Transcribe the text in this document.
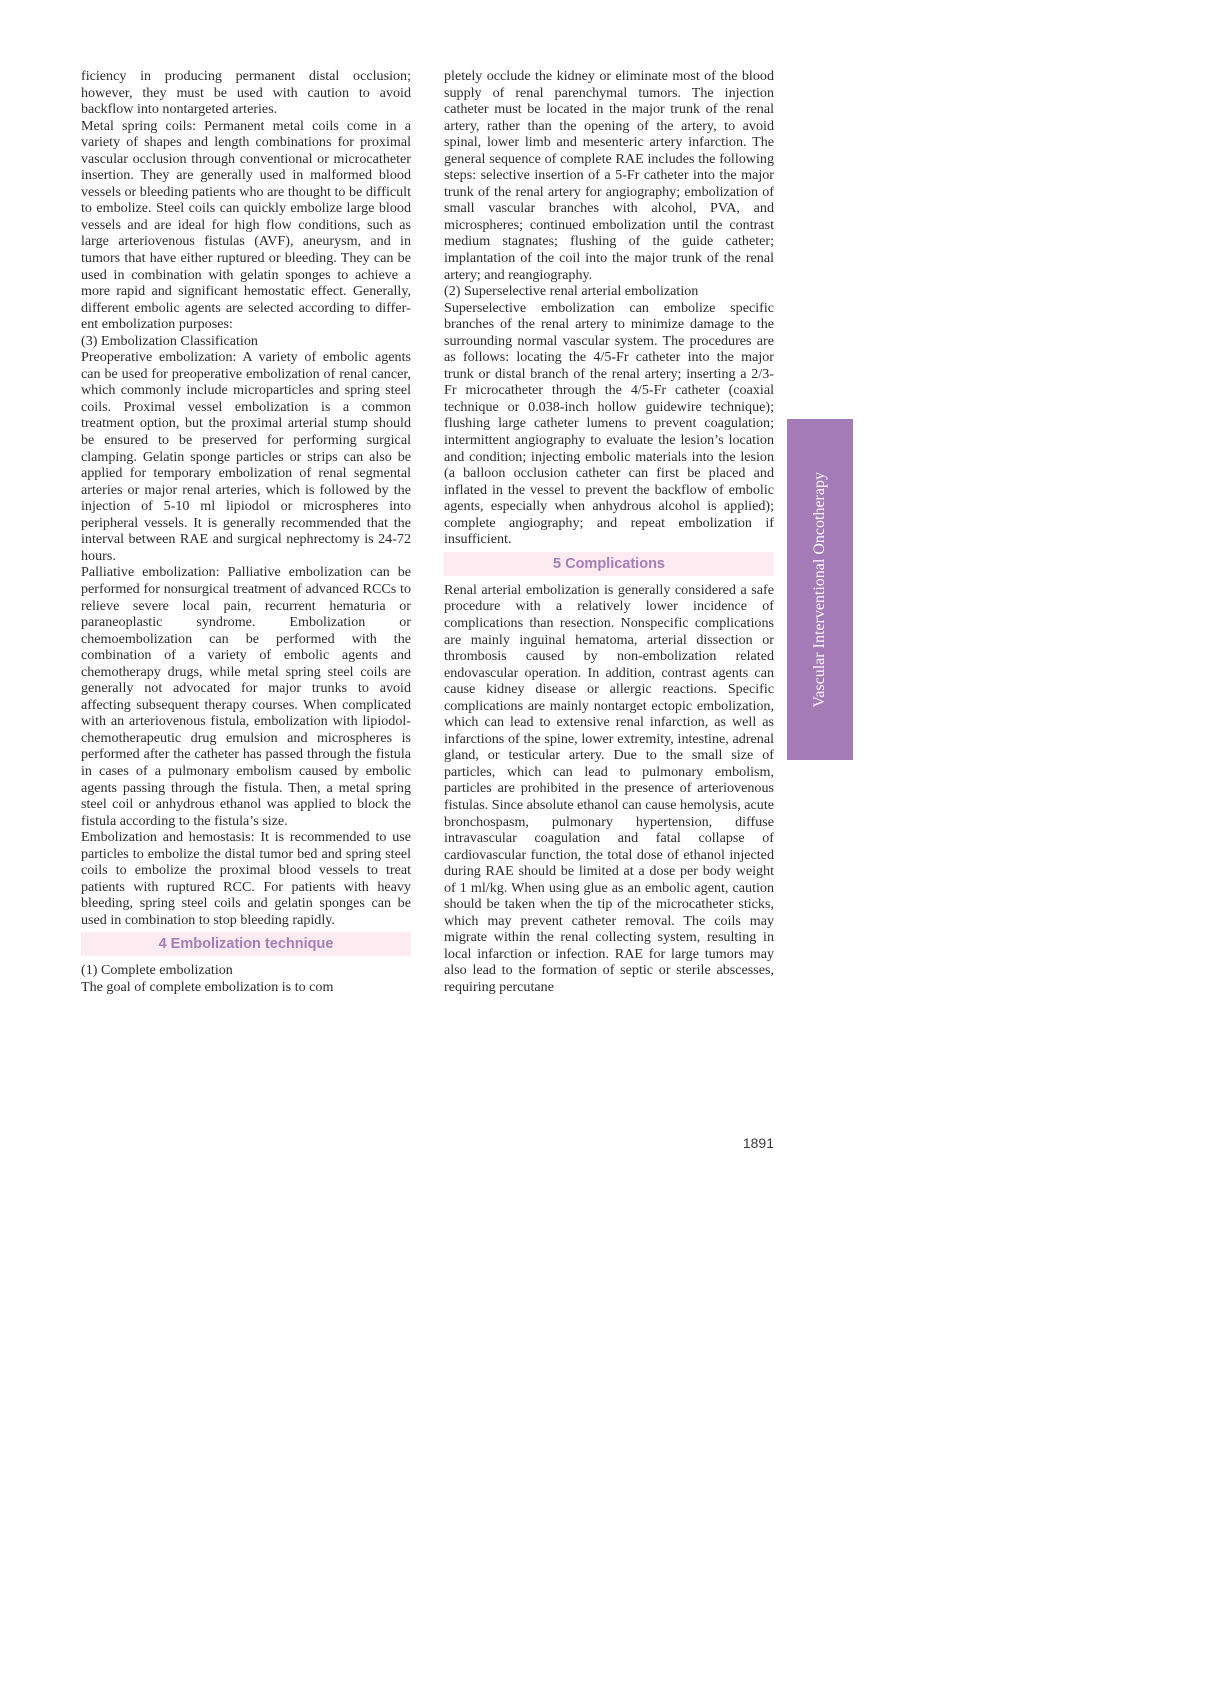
ficiency in producing permanent distal occlusion; however, they must be used with caution to avoid backflow into nontargeted arteries.

Metal spring coils: Permanent metal coils come in a variety of shapes and length combinations for proximal vascular occlusion through conventional or microcatheter insertion. They are generally used in malformed blood vessels or bleeding patients who are thought to be difficult to embolize. Steel coils can quickly embolize large blood vessels and are ideal for high flow conditions, such as large arteriovenous fistulas (AVF), aneurysm, and in tumors that have either ruptured or bleeding. They can be used in combination with gelatin sponges to achieve a more rapid and significant hemostatic effect. Generally, different embolic agents are selected according to different embolization purposes:

(3) Embolization Classification

Preoperative embolization: A variety of embolic agents can be used for preoperative embolization of renal cancer, which commonly include microparticles and spring steel coils. Proximal vessel embolization is a common treatment option, but the proximal arterial stump should be ensured to be preserved for performing surgical clamping. Gelatin sponge particles or strips can also be applied for temporary embolization of renal segmental arteries or major renal arteries, which is followed by the injection of 5-10 ml lipiodol or microspheres into peripheral vessels. It is generally recommended that the interval between RAE and surgical nephrectomy is 24-72 hours.

Palliative embolization: Palliative embolization can be performed for nonsurgical treatment of advanced RCCs to relieve severe local pain, recurrent hematuria or paraneoplastic syndrome. Embolization or chemoembolization can be performed with the combination of a variety of embolic agents and chemotherapy drugs, while metal spring steel coils are generally not advocated for major trunks to avoid affecting subsequent therapy courses. When complicated with an arteriovenous fistula, embolization with lipiodol-chemotherapeutic drug emulsion and microspheres is performed after the catheter has passed through the fistula in cases of a pulmonary embolism caused by embolic agents passing through the fistula. Then, a metal spring steel coil or anhydrous ethanol was applied to block the fistula according to the fistula’s size.

Embolization and hemostasis: It is recommended to use particles to embolize the distal tumor bed and spring steel coils to embolize the proximal blood vessels to treat patients with ruptured RCC. For patients with heavy bleeding, spring steel coils and gelatin sponges can be used in combination to stop bleeding rapidly.

4 Embolization technique

(1) Complete embolization

The goal of complete embolization is to com

pletely occlude the kidney or eliminate most of the blood supply of renal parenchymal tumors. The injection catheter must be located in the major trunk of the renal artery, rather than the opening of the artery, to avoid spinal, lower limb and mesenteric artery infarction. The general sequence of complete RAE includes the following steps: selective insertion of a 5-Fr catheter into the major trunk of the renal artery for angiography; embolization of small vascular branches with alcohol, PVA, and microspheres; continued embolization until the contrast medium stagnates; flushing of the guide catheter; implantation of the coil into the major trunk of the renal artery; and reangiography.

(2) Superselective renal arterial embolization

Superselective embolization can embolize specific branches of the renal artery to minimize damage to the surrounding normal vascular system. The procedures are as follows: locating the 4/5-Fr catheter into the major trunk or distal branch of the renal artery; inserting a 2/3-Fr microcatheter through the 4/5-Fr catheter (coaxial technique or 0.038-inch hollow guidewire technique); flushing large catheter lumens to prevent coagulation; intermittent angiography to evaluate the lesion’s location and condition; injecting embolic materials into the lesion (a balloon occlusion catheter can first be placed and inflated in the vessel to prevent the backflow of embolic agents, especially when anhydrous alcohol is applied); complete angiography; and repeat embolization if insufficient.

5 Complications

Renal arterial embolization is generally considered a safe procedure with a relatively lower incidence of complications than resection. Nonspecific complications are mainly inguinal hematoma, arterial dissection or thrombosis caused by non-embolization related endovascular operation. In addition, contrast agents can cause kidney disease or allergic reactions. Specific complications are mainly nontarget ectopic embolization, which can lead to extensive renal infarction, as well as infarctions of the spine, lower extremity, intestine, adrenal gland, or testicular artery. Due to the small size of particles, which can lead to pulmonary embolism, particles are prohibited in the presence of arteriovenous fistulas. Since absolute ethanol can cause hemolysis, acute bronchospasm, pulmonary hypertension, diffuse intravascular coagulation and fatal collapse of cardiovascular function, the total dose of ethanol injected during RAE should be limited at a dose per body weight of 1 ml/kg. When using glue as an embolic agent, caution should be taken when the tip of the microcatheter sticks, which may prevent catheter removal. The coils may migrate within the renal collecting system, resulting in local infarction or infection. RAE for large tumors may also lead to the formation of septic or sterile abscesses, requiring percutane

Vascular Interventional Oncotherapy
1891
